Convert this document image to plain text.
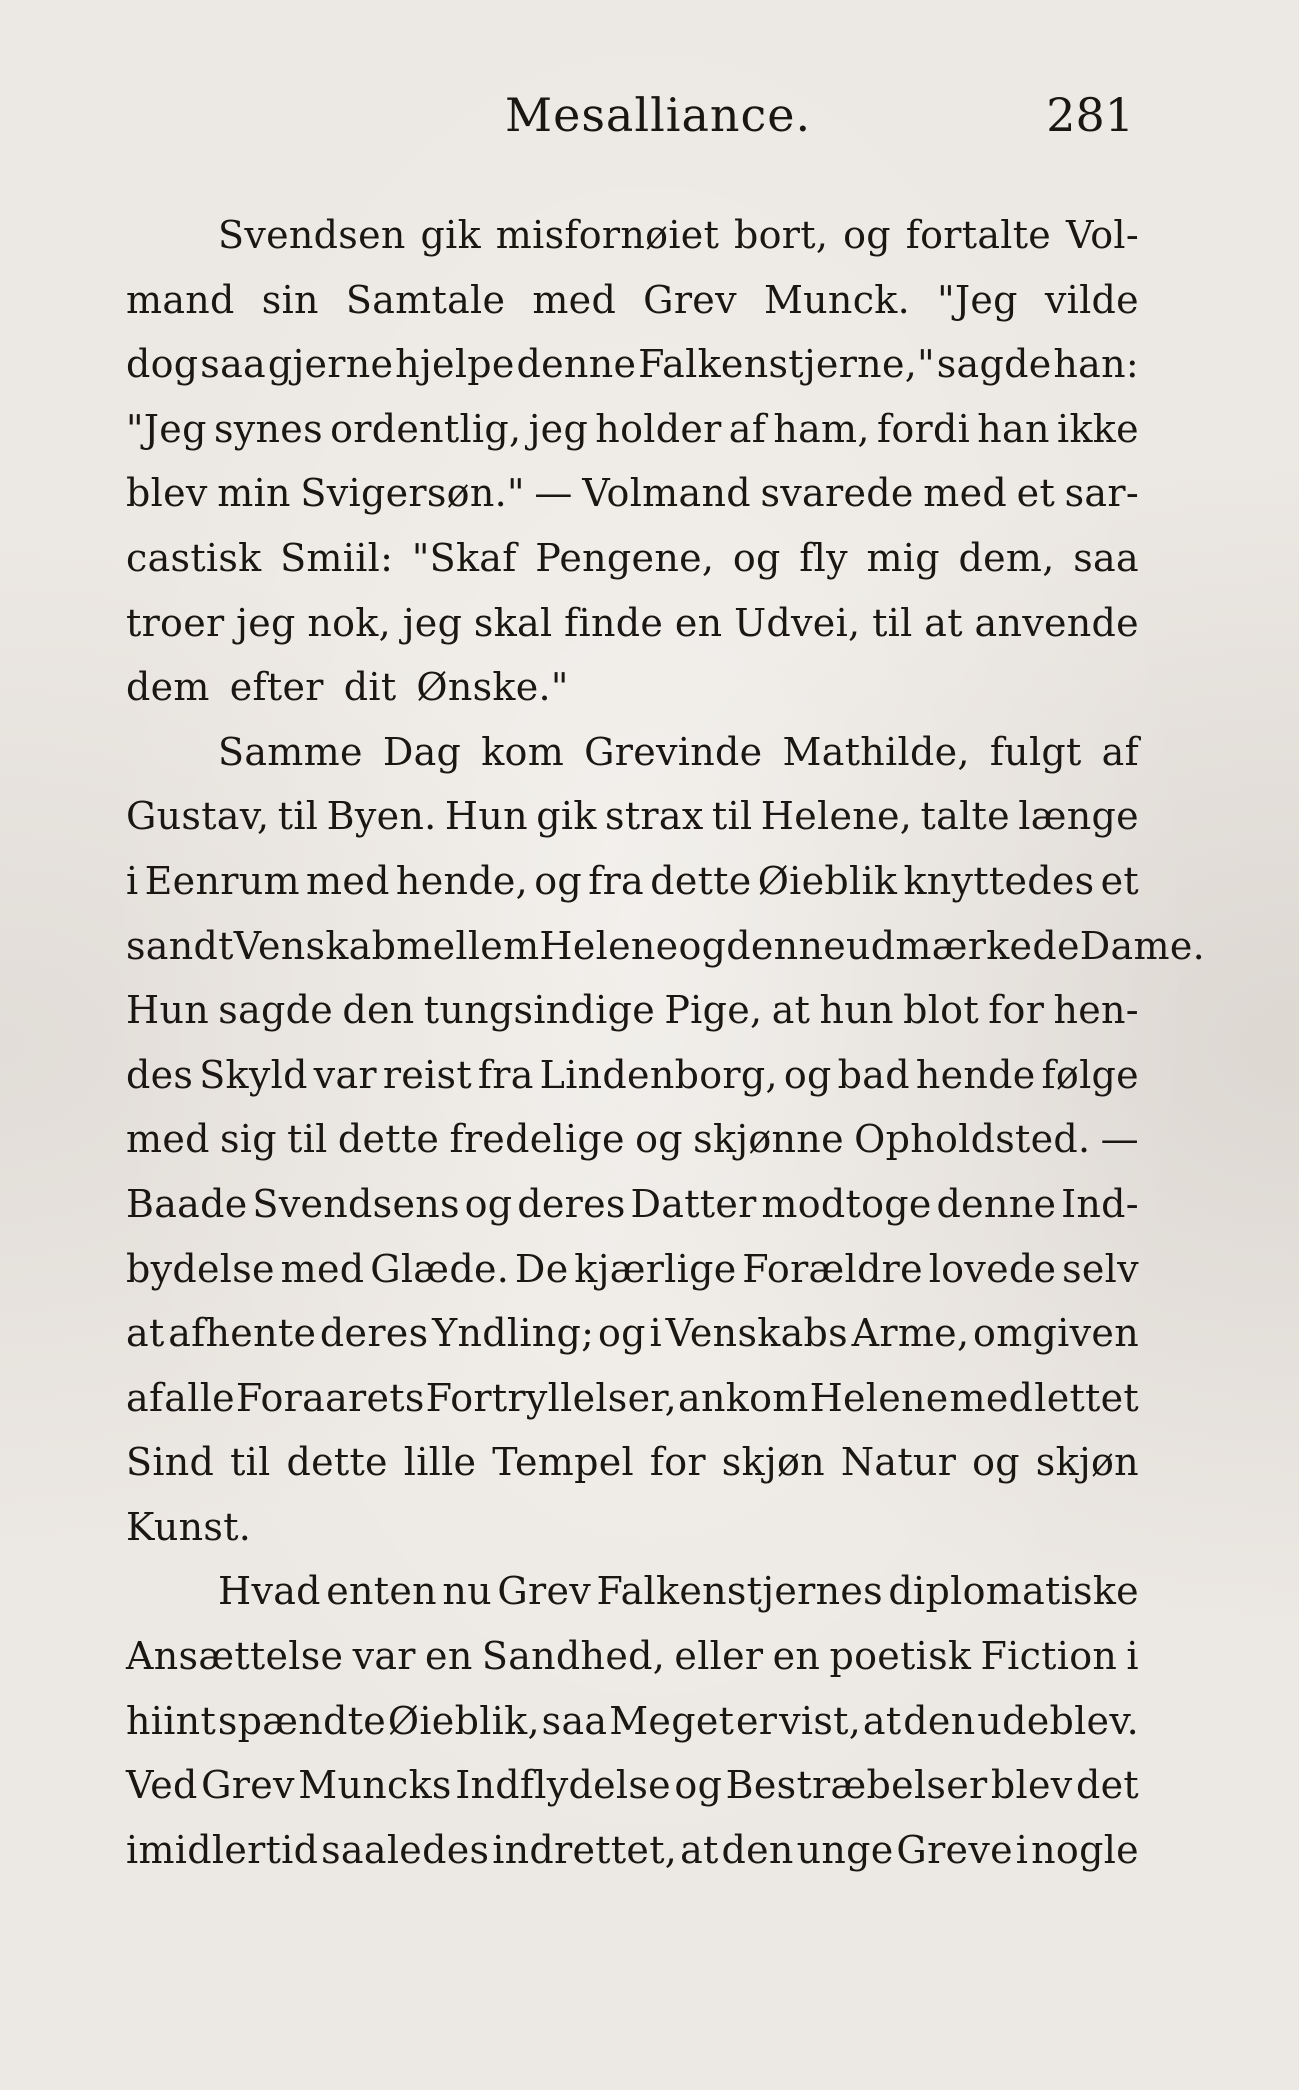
Mesalliance.	281
Svendsen gik misfornøiet bort, og fortalte Vol-
mand sin Samtale med Grev Munck. "Jeg vilde
dog saa gjerne hjelpe denne Falkenstjerne," sagde han:
"Jeg synes ordentlig, jeg holder af ham, fordi han ikke
blev min Svigersøn." — Volmand svarede med et sar-
castisk Smiil: "Skaf Pengene, og fly mig dem, saa
troer jeg nok, jeg skal finde en Udvei, til at anvende
dem efter dit Ønske."
Samme Dag kom Grevinde Mathilde, fulgt af
Gustav, til Byen. Hun gik strax til Helene, talte længe
i Eenrum med hende, og fra dette Øieblik knyttedes et
sandt Venskab mellem Helene og denne udmærkede Dame.
Hun sagde den tungsindige Pige, at hun blot for hen-
des Skyld var reist fra Lindenborg, og bad hende følge
med sig til dette fredelige og skjønne Opholdsted. —
Baade Svendsens og deres Datter modtoge denne Ind-
bydelse med Glæde. De kjærlige Forældre lovede selv
at afhente deres Yndling; og i Venskabs Arme, omgiven
af alle Foraarets Fortryllelser, ankom Helene med lettet
Sind til dette lille Tempel for skjøn Natur og skjøn
Kunst.
Hvad enten nu Grev Falkenstjernes diplomatiske
Ansættelse var en Sandhed, eller en poetisk Fiction i
hiint spændte Øieblik, saa Meget er vist, at den udeblev.
Ved Grev Muncks Indflydelse og Bestræbelser blev det
imidlertid saaledes indrettet, at den unge Greve i nogle
